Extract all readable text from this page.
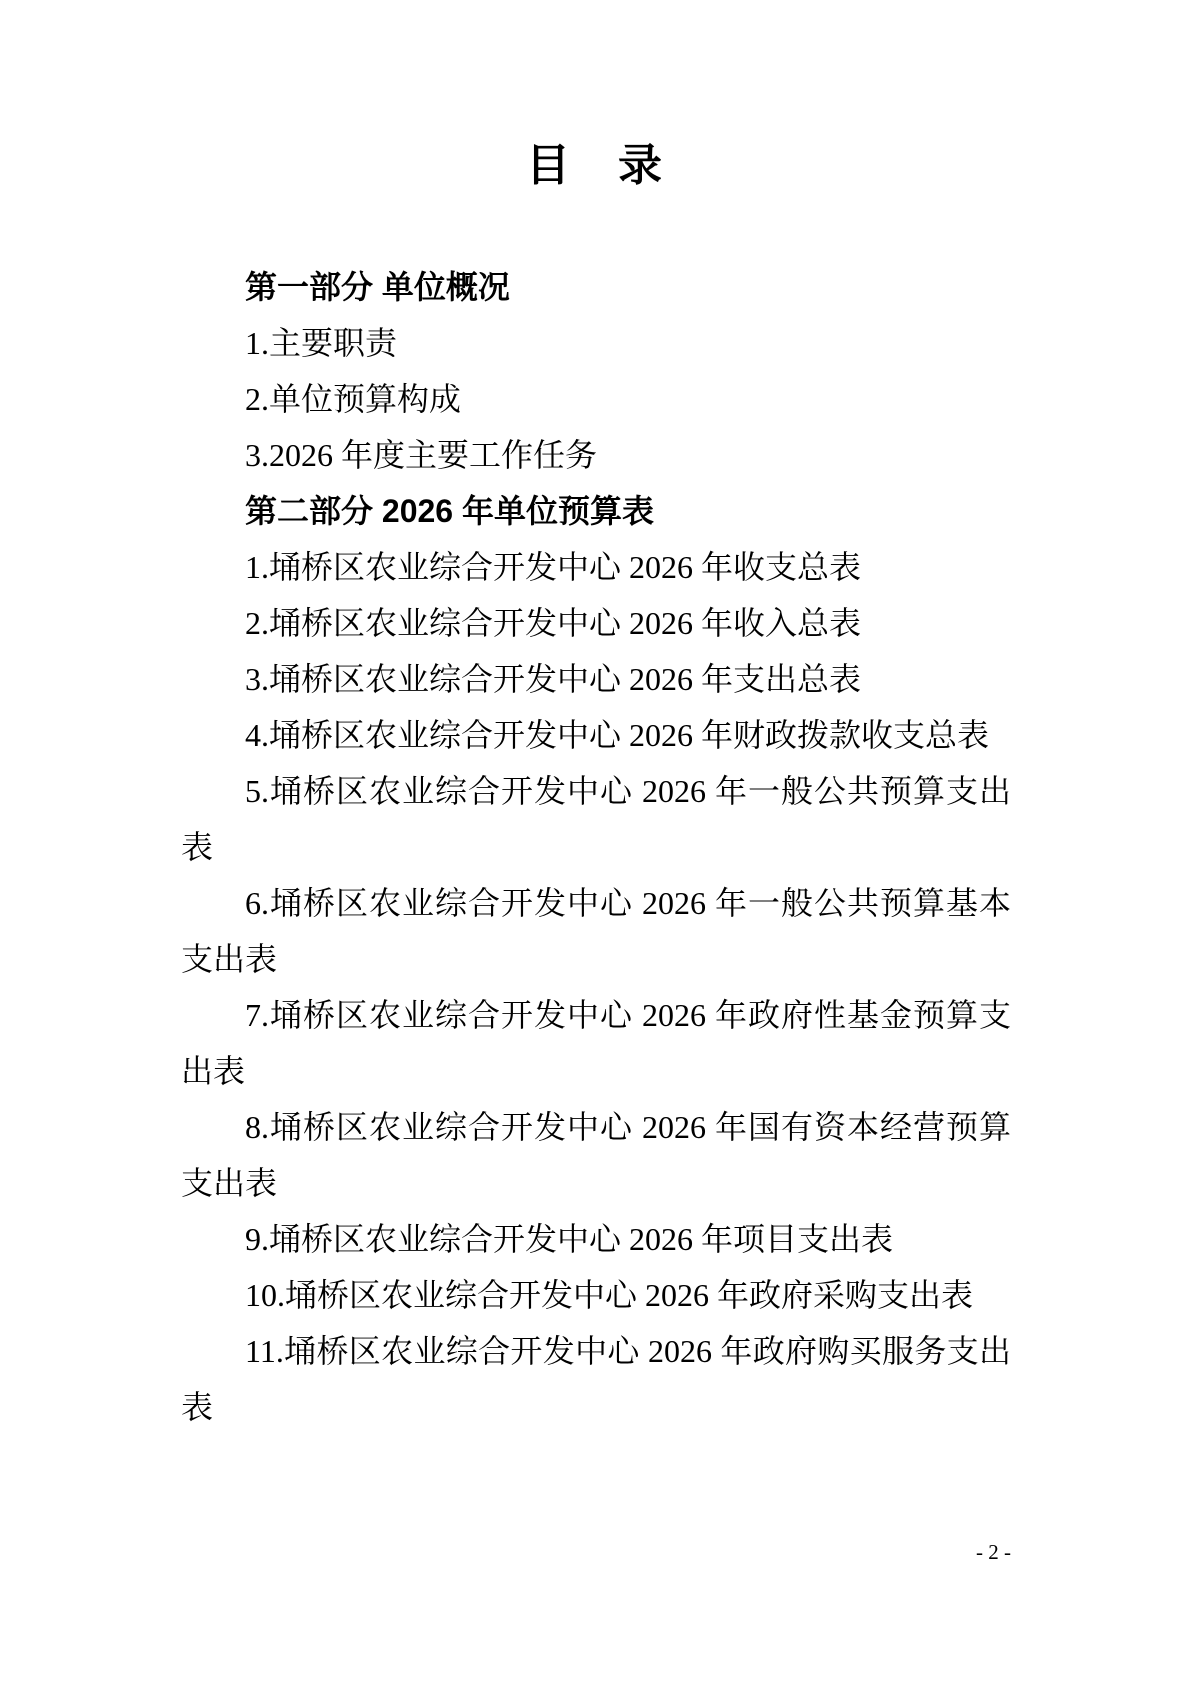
目　录
第一部分 单位概况
1.主要职责
2.单位预算构成
3.2026 年度主要工作任务
第二部分 2026 年单位预算表
1.埇桥区农业综合开发中心 2026 年收支总表
2.埇桥区农业综合开发中心 2026 年收入总表
3.埇桥区农业综合开发中心 2026 年支出总表
4.埇桥区农业综合开发中心 2026 年财政拨款收支总表
5.埇桥区农业综合开发中心 2026 年一般公共预算支出
表
6.埇桥区农业综合开发中心 2026 年一般公共预算基本
支出表
7.埇桥区农业综合开发中心 2026 年政府性基金预算支
出表
8.埇桥区农业综合开发中心 2026 年国有资本经营预算
支出表
9.埇桥区农业综合开发中心 2026 年项目支出表
10.埇桥区农业综合开发中心 2026 年政府采购支出表
11.埇桥区农业综合开发中心 2026 年政府购买服务支出
表
- 2 -
